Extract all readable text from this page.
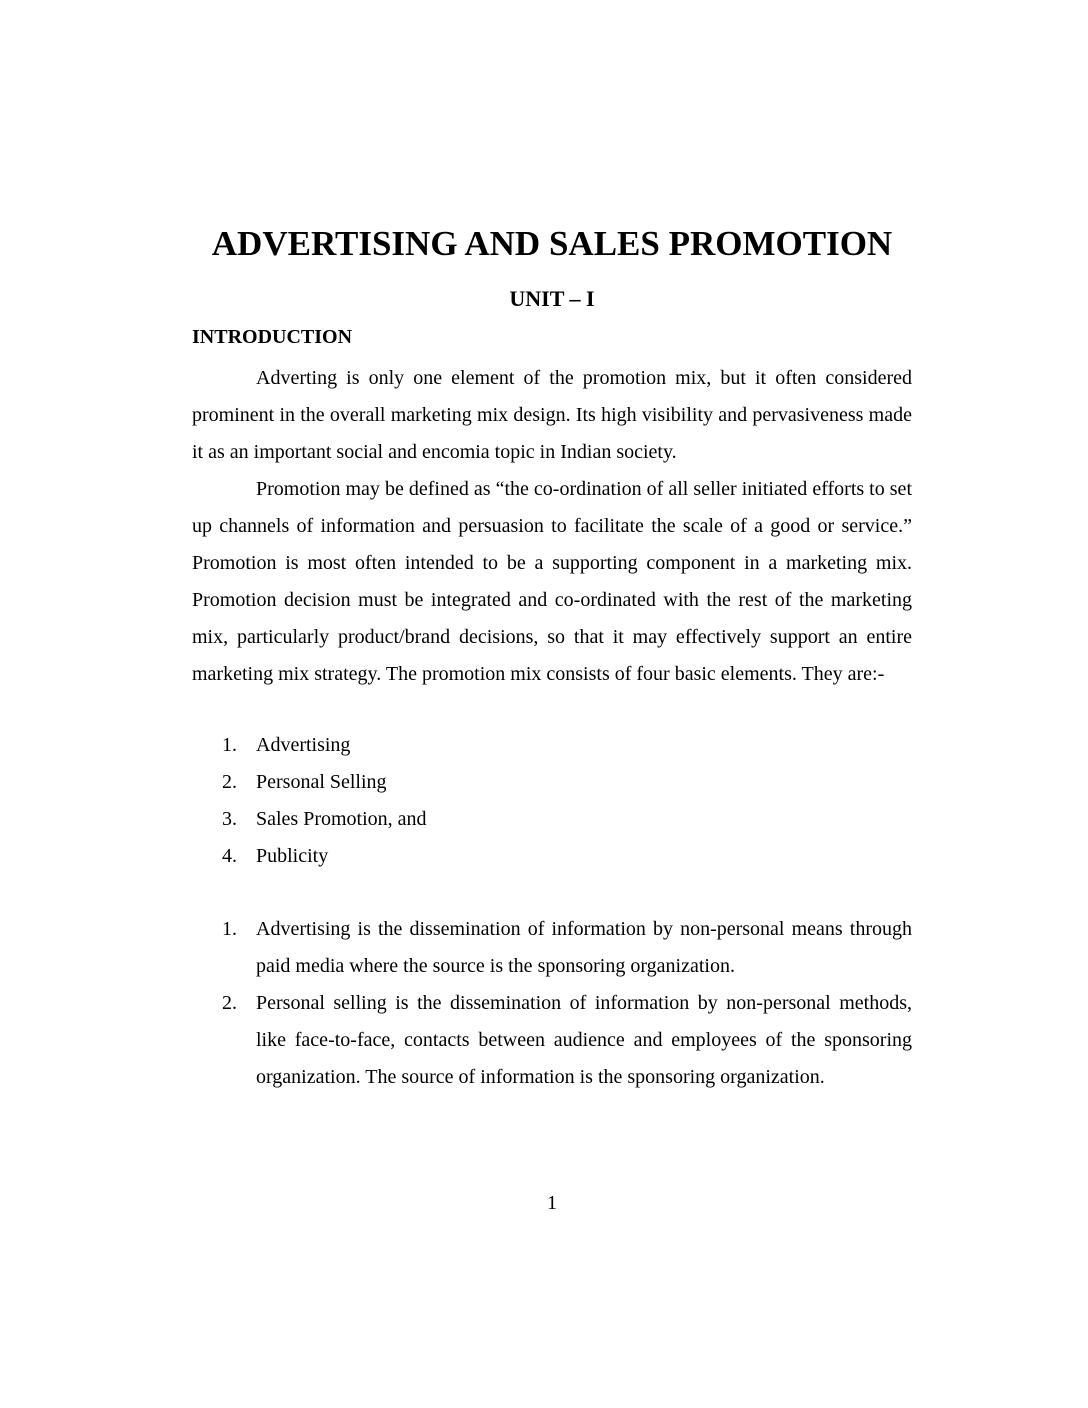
ADVERTISING AND SALES PROMOTION
UNIT – I
INTRODUCTION

Adverting is only one element of the promotion mix, but it often considered prominent in the overall marketing mix design. Its high visibility and pervasiveness made it as an important social and encomia topic in Indian society.

Promotion may be defined as “the co-ordination of all seller initiated efforts to set up channels of information and persuasion to facilitate the scale of a good or service.” Promotion is most often intended to be a supporting component in a marketing mix. Promotion decision must be integrated and co-ordinated with the rest of the marketing mix, particularly product/brand decisions, so that it may effectively support an entire marketing mix strategy. The promotion mix consists of four basic elements. They are:-

1. Advertising
2. Personal Selling
3. Sales Promotion, and
4. Publicity
1. Advertising is the dissemination of information by non-personal means through paid media where the source is the sponsoring organization.
2. Personal selling is the dissemination of information by non-personal methods, like face-to-face, contacts between audience and employees of the sponsoring organization. The source of information is the sponsoring organization.
1
